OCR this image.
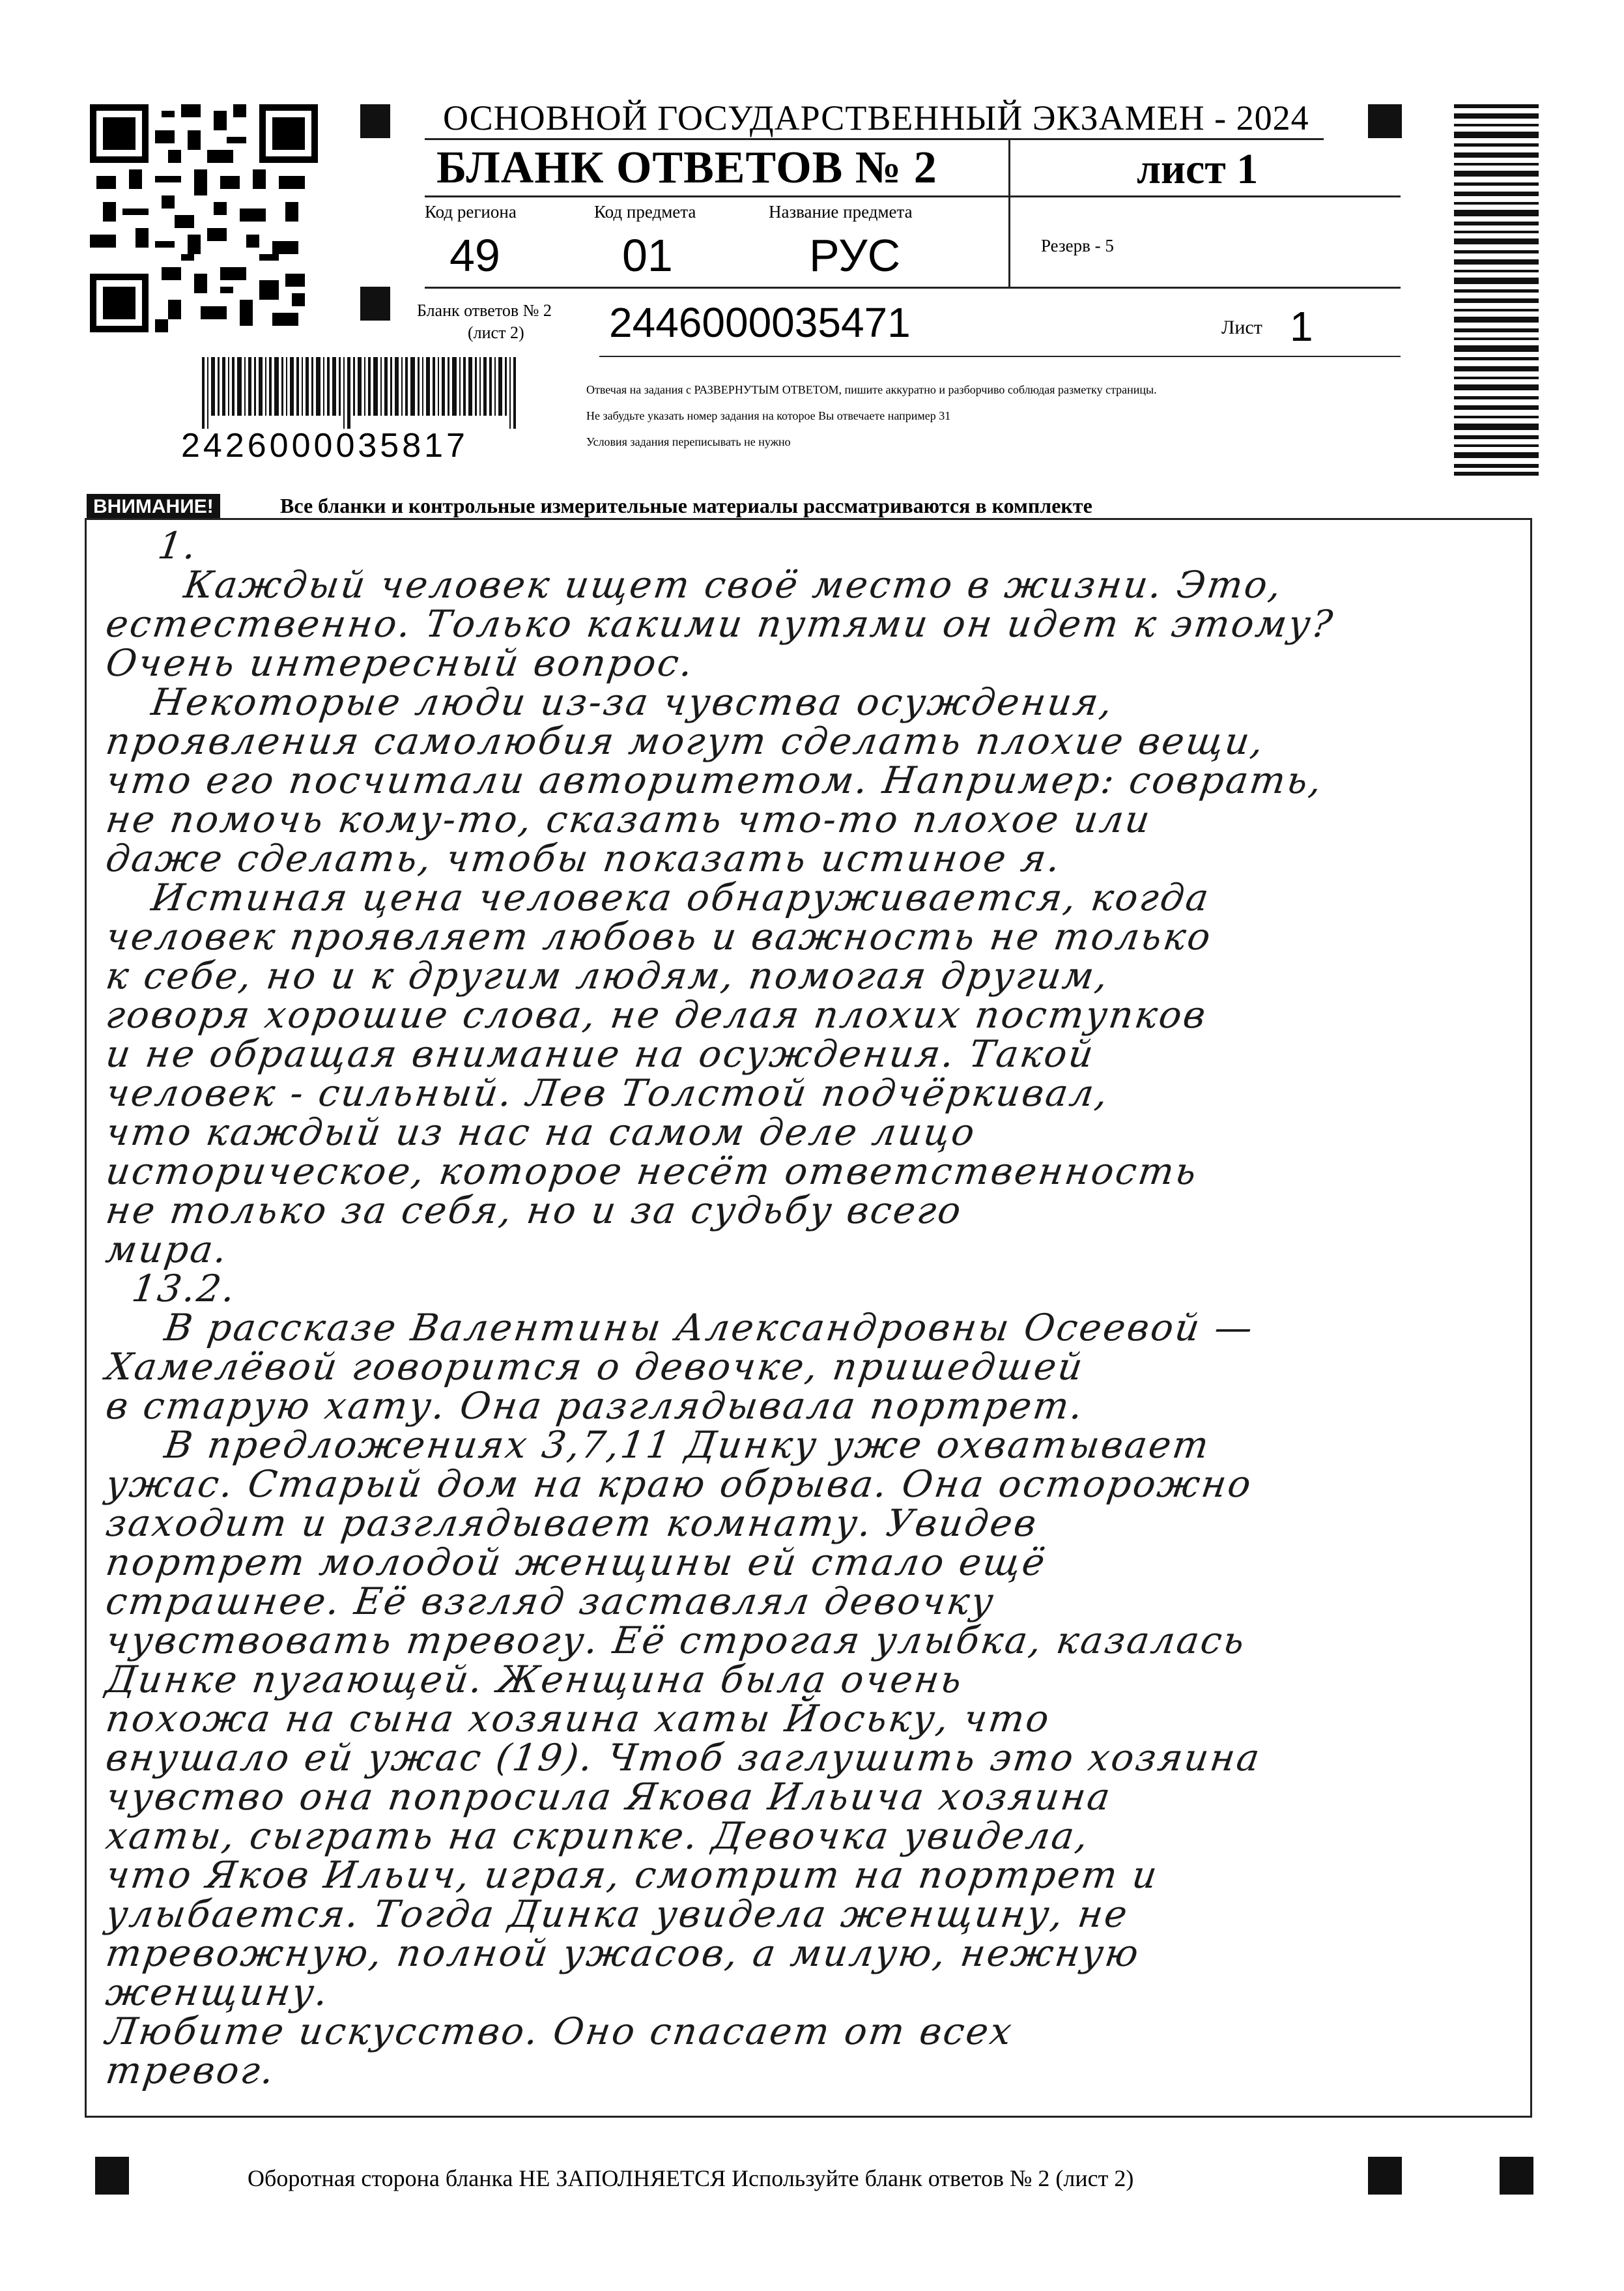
ОСНОВНОЙ ГОСУДАРСТВЕННЫЙ ЭКЗАМЕН - 2024
БЛАНК ОТВЕТОВ № 2	лист 1
Код региона	Код предмета	Название предмета
49	01	РУС	Резерв - 5
Бланк ответов № 2
(лист 2) 2446000035471	Лист 1
2426000035817
Отвечая на задания с РАЗВЕРНУТЫМ ОТВЕТОМ, пишите аккуратно и разборчиво соблюдая разметку страницы.
Не забудьте указать номер задания на которое Вы отвечаете например 31
Условия задания переписывать не нужно
ВНИМАНИЕ!	Все бланки и контрольные измерительные материалы рассматриваются в комплекте
1.
Каждый человек ищет своё место в жизни. Это,
естественно. Только какими путями он идет к этому?
Очень интересный вопрос.
Некоторые люди из-за чувства осуждения,
проявления самолюбия могут сделать плохие вещи,
что его посчитали авторитетом. Например: соврать,
не помочь кому-то, сказать что-то плохое или
даже сделать, чтобы показать истиное я.
Истиная цена человека обнаруживается, когда
человек проявляет любовь и важность не только
к себе, но и к другим людям, помогая другим,
говоря хорошие слова, не делая плохих поступков
и не обращая внимание на осуждения. Такой
человек - сильный. Лев Толстой подчёркивал,
что каждый из нас на самом деле лицо
историческое, которое несёт ответственность
не только за себя, но и за судьбу всего
мира.
13.2.
В рассказе Валентины Александровны Осеевой —
Хамелёвой говорится о девочке, пришедшей
в старую хату. Она разглядывала портрет.
В предложениях 3,7,11 Динку уже охватывает
ужас. Старый дом на краю обрыва. Она осторожно
заходит и разглядывает комнату. Увидев
портрет молодой женщины ей стало ещё
страшнее. Её взгляд заставлял девочку
чувствовать тревогу. Её строгая улыбка, казалась
Динке пугающей. Женщина была очень
похожа на сына хозяина хаты Йоську, что
внушало ей ужас (19). Чтоб заглушить это хозяина
чувство она попросила Якова Ильича хозяина
хаты, сыграть на скрипке. Девочка увидела,
что Яков Ильич, играя, смотрит на портрет и
улыбается. Тогда Динка увидела женщину, не
тревожную, полной ужасов, а милую, нежную
женщину.
Любите искусство. Оно спасает от всех
тревог.
Оборотная сторона бланка НЕ ЗАПОЛНЯЕТСЯ Используйте бланк ответов № 2 (лист 2)
